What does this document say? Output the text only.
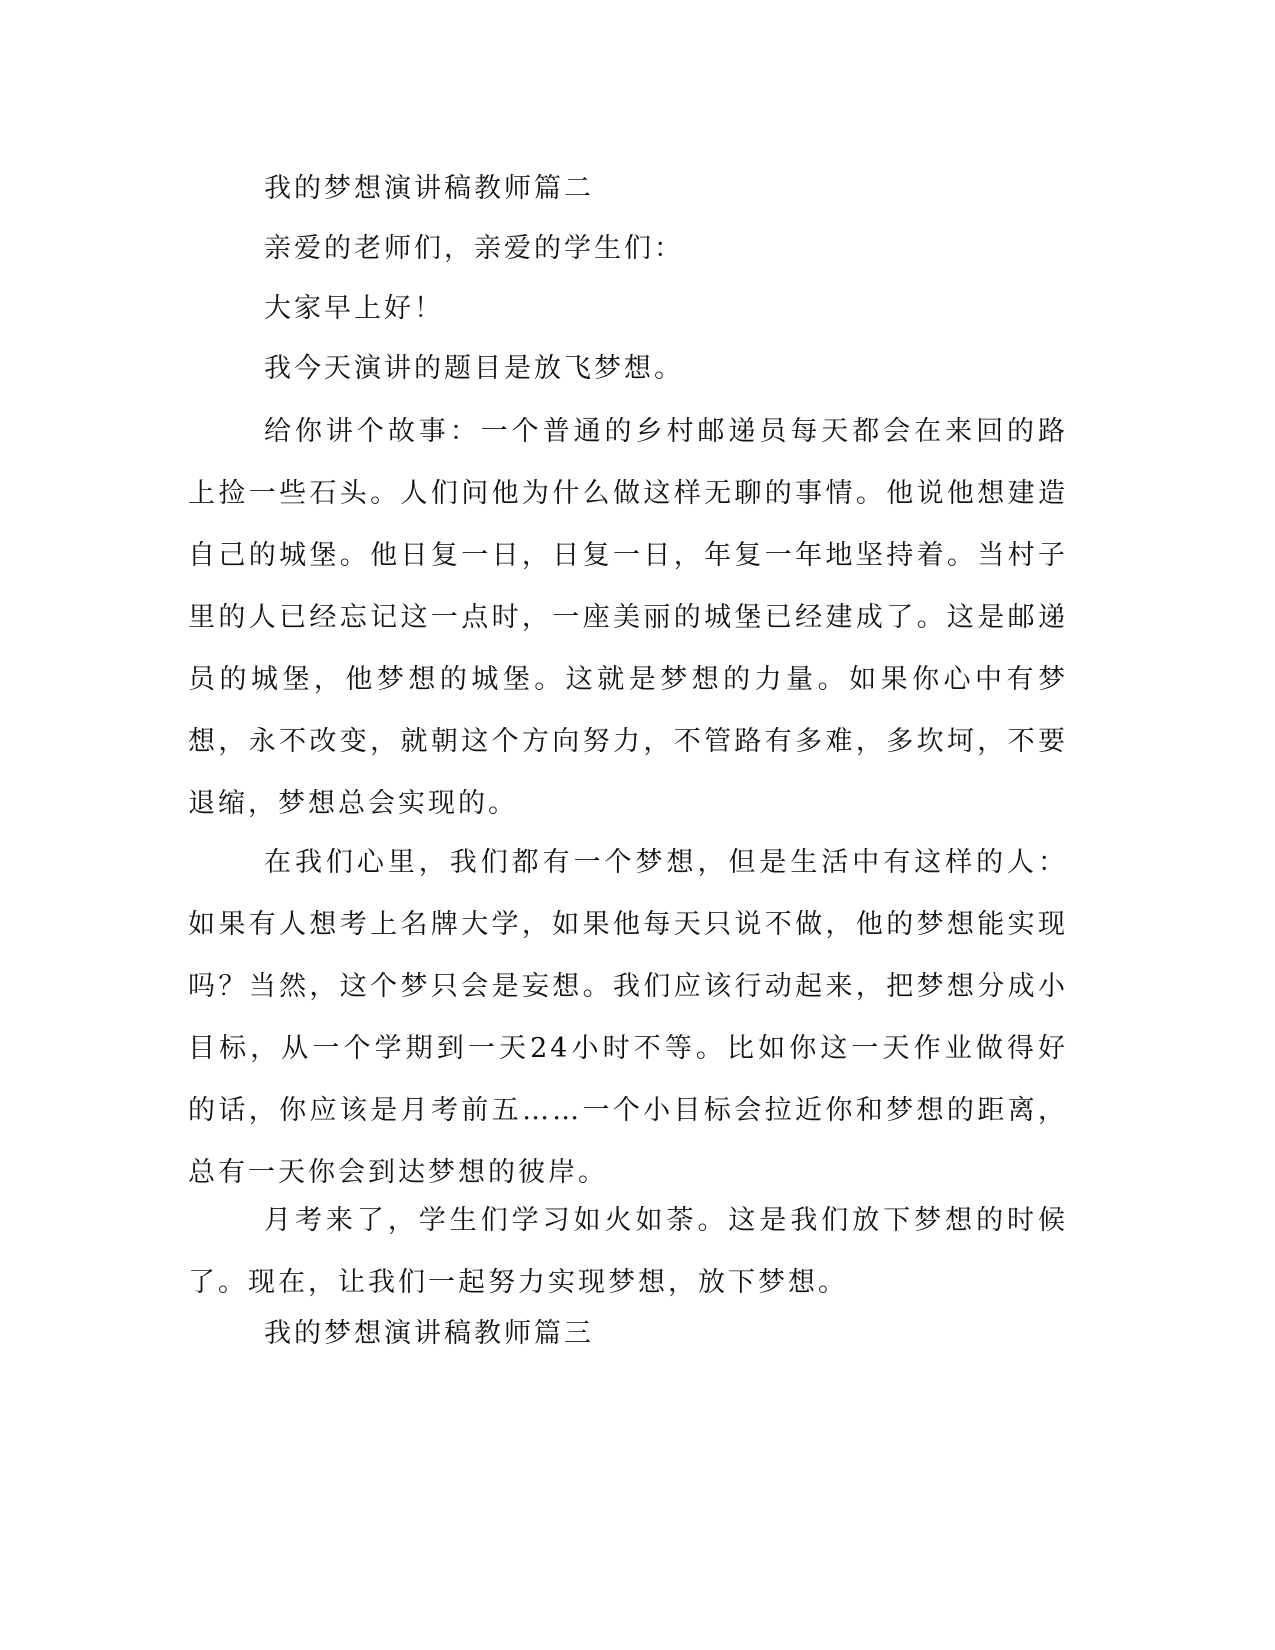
我的梦想演讲稿教师篇二

亲爱的老师们，亲爱的学生们：

大家早上好！

我今天演讲的题目是放飞梦想。

给你讲个故事：一个普通的乡村邮递员每天都会在来回的路上捡一些石头。人们问他为什么做这样无聊的事情。他说他想建造自己的城堡。他日复一日，日复一日，年复一年地坚持着。当村子里的人已经忘记这一点时，一座美丽的城堡已经建成了。这是邮递员的城堡，他梦想的城堡。这就是梦想的力量。如果你心中有梦想，永不改变，就朝这个方向努力，不管路有多难，多坎坷，不要退缩，梦想总会实现的。

在我们心里，我们都有一个梦想，但是生活中有这样的人：如果有人想考上名牌大学，如果他每天只说不做，他的梦想能实现吗？当然，这个梦只会是妄想。我们应该行动起来，把梦想分成小目标，从一个学期到一天24小时不等。比如你这一天作业做得好的话，你应该是月考前五……一个小目标会拉近你和梦想的距离，总有一天你会到达梦想的彼岸。

月考来了，学生们学习如火如荼。这是我们放下梦想的时候了。现在，让我们一起努力实现梦想，放下梦想。

我的梦想演讲稿教师篇三
